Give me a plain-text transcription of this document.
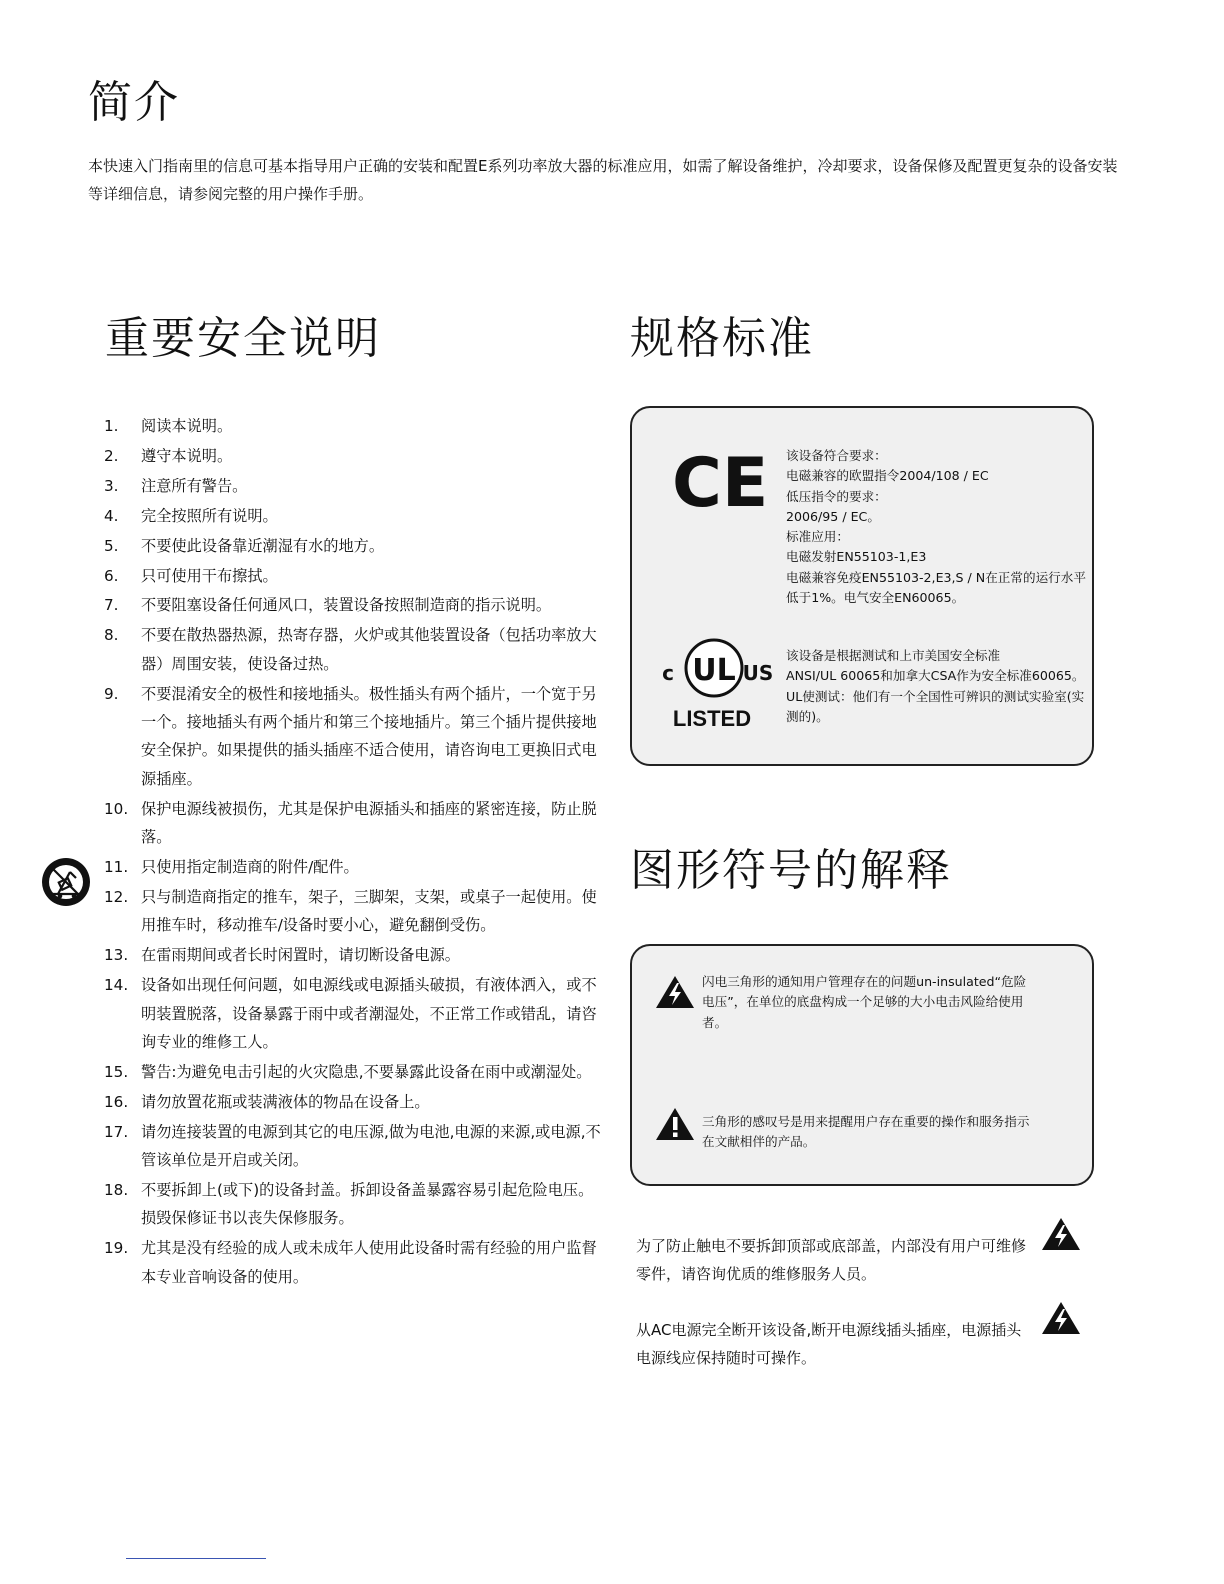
简介

本快速入门指南里的信息可基本指导用户正确的安装和配置E系列功率放大器的标准应用，如需了解设备维护，冷却要求，设备保修及配置更复杂的设备安装等详细信息，请参阅完整的用户操作手册。

重要安全说明
1. 阅读本说明。
2. 遵守本说明。
3. 注意所有警告。
4. 完全按照所有说明。
5. 不要使此设备靠近潮湿有水的地方。
6. 只可使用干布擦拭。
7. 不要阻塞设备任何通风口，装置设备按照制造商的指示说明。
8. 不要在散热器热源，热寄存器，火炉或其他装置设备（包括功率放大器）周围安装，使设备过热。
9. 不要混淆安全的极性和接地插头。极性插头有两个插片，一个宽于另一个。接地插头有两个插片和第三个接地插片。第三个插片提供接地安全保护。如果提供的插头插座不适合使用，请咨询电工更换旧式电源插座。
10. 保护电源线被损伤，尤其是保护电源插头和插座的紧密连接，防止脱落。
11. 只使用指定制造商的附件/配件。
12. 只与制造商指定的推车，架子，三脚架，支架，或桌子一起使用。使用推车时，移动推车/设备时要小心，避免翻倒受伤。
13. 在雷雨期间或者长时闲置时，请切断设备电源。
14. 设备如出现任何问题，如电源线或电源插头破损，有液体洒入，或不明装置脱落，设备暴露于雨中或者潮湿处，不正常工作或错乱，请咨询专业的维修工人。
15. 警告:为避免电击引起的火灾隐患,不要暴露此设备在雨中或潮湿处。
16. 请勿放置花瓶或装满液体的物品在设备上。
17. 请勿连接装置的电源到其它的电压源,做为电池,电源的来源,或电源,不管该单位是开启或关闭。
18. 不要拆卸上(或下)的设备封盖。拆卸设备盖暴露容易引起危险电压。损毁保修证书以丧失保修服务。
19. 尤其是没有经验的成人或未成年人使用此设备时需有经验的用户监督本专业音响设备的使用。
规格标准
CE 该设备符合要求：
电磁兼容的欧盟指令2004/108 / EC
低压指令的要求：
2006/95 / EC。
标准应用：
电磁发射EN55103-1,E3
电磁兼容免疫EN55103-2,E3,S / N在正常的运行水平低于1%。电气安全EN60065。
UL
c	US
LISTED
该设备是根据测试和上市美国安全标准
ANSI/UL 60065和加拿大CSA作为安全标准60065。
UL使测试：他们有一个全国性可辨识的测试实验室(实测的)。
图形符号的解释

闪电三角形的通知用户管理存在的问题un-insulated“危险电压”，在单位的底盘构成一个足够的大小电击风险给使用者。

三角形的感叹号是用来提醒用户存在重要的操作和服务指示在文献相伴的产品。

为了防止触电不要拆卸顶部或底部盖，内部没有用户可维修零件，请咨询优质的维修服务人员。

从AC电源完全断开该设备,断开电源线插头插座，电源插头电源线应保持随时可操作。
